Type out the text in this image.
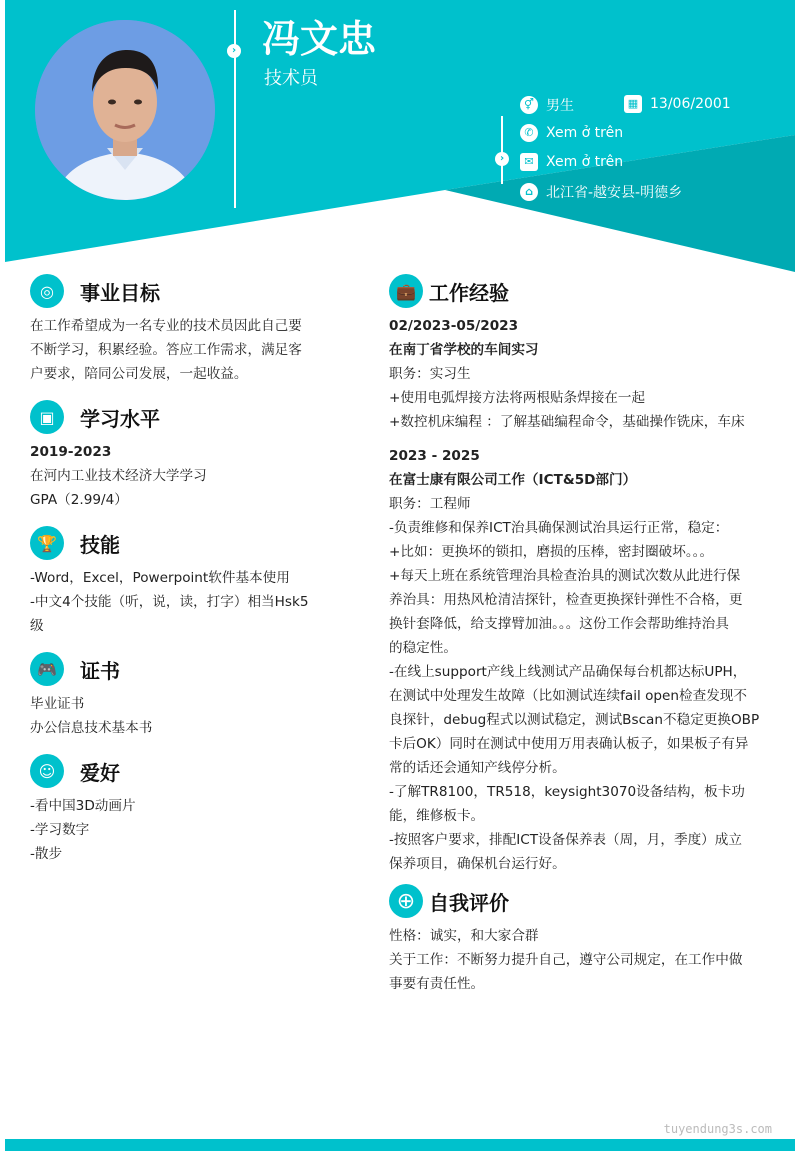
› 冯文忠
技术员
⚥ 男生	▦ 13/06/2001
›
✆ Xem ở trên
✉ Xem ở trên
⌂ 北江省-越安县-明德乡
◎	事业目标
在工作希望成为一名专业的技术员因此自己要
不断学习，积累经验。答应工作需求，满足客
户要求，陪同公司发展，一起收益。
▣	学习水平
2019-2023
在河内工业技术经济大学学习
GPA（2.99/4）
🏆	技能
-Word，Excel，Powerpoint软件基本使用
-中文4个技能（听，说，读，打字）相当Hsk5
级
🎮	证书
毕业证书
办公信息技术基本书
☺	爱好
-看中国3D动画片
-学习数字
-散步
💼 工作经验
02/2023-05/2023
在南丁省学校的车间实习
职务：实习生
+使用电弧焊接方法将两根贴条焊接在一起
+数控机床编程 ：了解基础编程命令，基础操作铣床，车床
2023 - 2025
在富士康有限公司工作（ICT&5D部门）
职务：工程师
-负责维修和保养ICT治具确保测试治具运行正常，稳定：
+比如：更换坏的锁扣，磨损的压棒，密封圈破坏。。。
+每天上班在系统管理治具检查治具的测试次数从此进行保
养治具：用热风枪清洁探针，检查更换探针弹性不合格，更
换针套降低，给支撑臂加油。。。这份工作会帮助维持治具
的稳定性。
-在线上support产线上线测试产品确保每台机都达标UPH，
在测试中处理发生故障（比如测试连续fail open检查发现不
良探针，debug程式以测试稳定，测试Bscan不稳定更换OBP
卡后OK）同时在测试中使用万用表确认板子，如果板子有异
常的话还会通知产线停分析。
-了解TR8100，TR518，keysight3070设备结构，板卡功
能，维修板卡。
-按照客户要求，排配ICT设备保养表（周，月，季度）成立
保养项目，确保机台运行好。
⊕ 自我评价
性格：诚实，和大家合群
关于工作：不断努力提升自己，遵守公司规定，在工作中做
事要有责任性。
tuyendung3s.com
